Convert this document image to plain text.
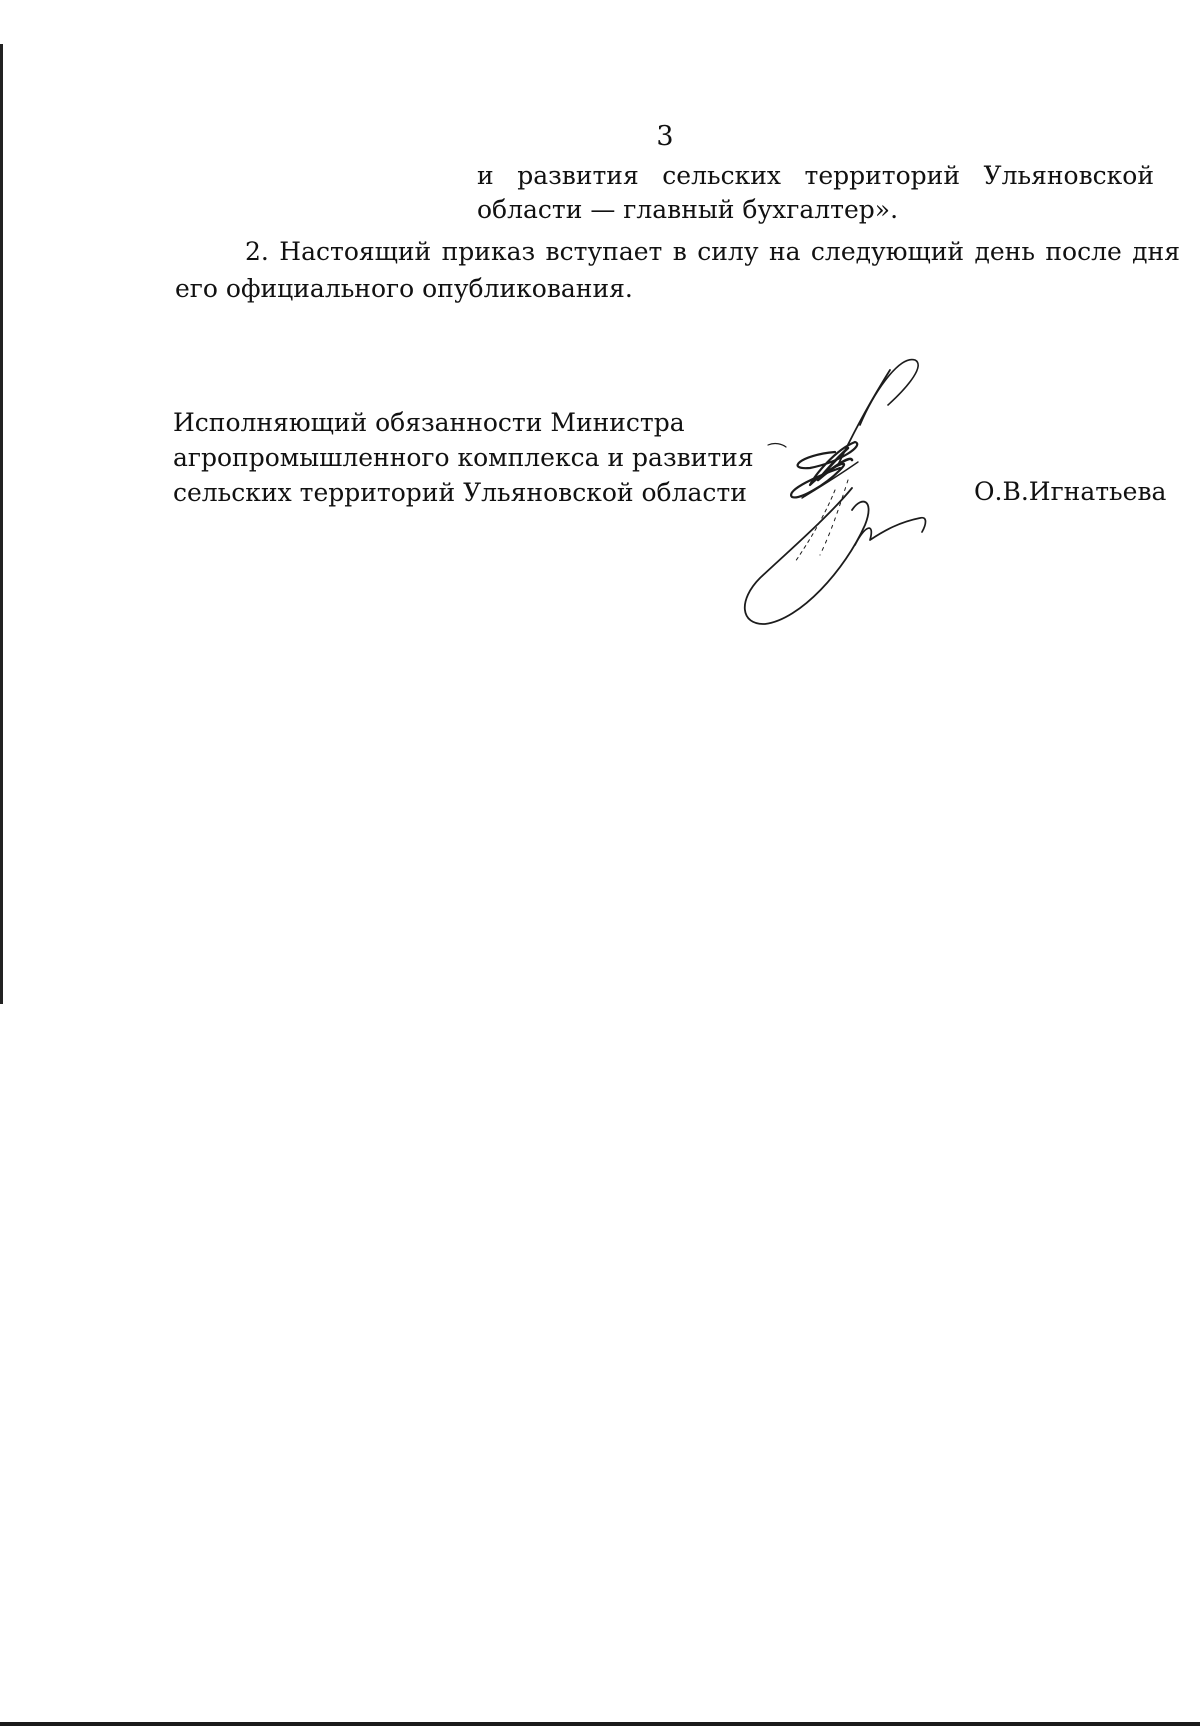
3
и развития сельских территорий Ульяновской
области — главный бухгалтер».
2. Настоящий приказ вступает в силу на следующий день после дня
его официального опубликования.
Исполняющий обязанности Министра
агропромышленного комплекса и развития
сельских территорий Ульяновской области	О.В.Игнатьева
